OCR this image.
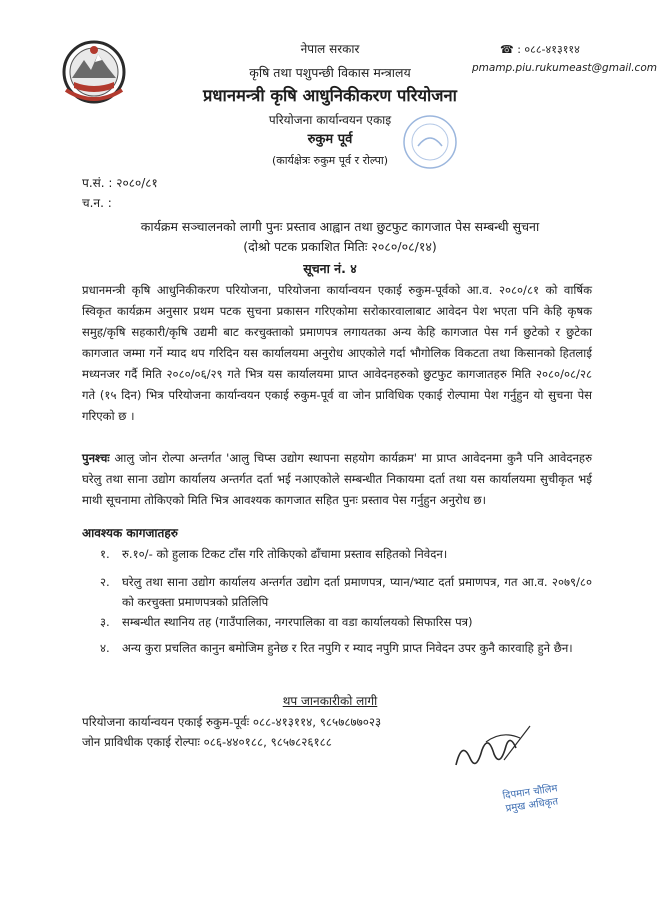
नेपाल सरकार
कृषि तथा पशुपन्छी विकास मन्त्रालय
प्रधानमन्त्री कृषि आधुनिकीकरण परियोजना
परियोजना कार्यान्वयन एकाइ
रुकुम पूर्व
(कार्यक्षेत्रः रुकुम पूर्व र रोल्पा)
☎ : ०८८-४१३११४
pmamp.piu.rukumeast@gmail.com
प.सं. : २०८०/८१
च.न. :
कार्यक्रम सञ्चालनको लागी पुनः प्रस्ताव आह्वान तथा छुटफुट कागजात पेस सम्बन्धी सुचना
(दोश्रो पटक प्रकाशित मितिः २०८०/०८/१४)
सूचना नं. ४
प्रधानमन्त्री कृषि आधुनिकीकरण परियोजना, परियोजना कार्यान्वयन एकाई रुकुम-पूर्वको आ.व. २०८०/८१ को वार्षिक स्विकृत कार्यक्रम अनुसार प्रथम पटक सुचना प्रकासन गरिएकोमा सरोकारवालाबाट आवेदन पेश भएता पनि केहि कृषक समुह/कृषि सहकारी/कृषि उद्यमी बाट करचुक्ताको प्रमाणपत्र लगायतका अन्य केहि कागजात पेस गर्न छुटेको र छुटेका कागजात जम्मा गर्ने म्याद थप गरिदिन यस कार्यालयमा अनुरोध आएकोले गर्दा भौगोलिक विकटता तथा किसानको हितलाई मध्यनजर गर्दै मिति २०८०/०६/२९ गते भित्र यस कार्यालयमा प्राप्त आवेदनहरुको छुटफुट कागजातहरु मिति २०८०/०८/२८ गते (१५ दिन) भित्र परियोजना कार्यान्वयन एकाई रुकुम-पूर्व वा जोन प्राविधिक एकाई रोल्पामा पेश गर्नुहुन यो सुचना पेस गरिएको छ ।
पुनश्चः आलु जोन रोल्पा अन्तर्गत 'आलु चिप्स उद्योग स्थापना सहयोग कार्यक्रम' मा प्राप्त आवेदनमा कुनै पनि आवेदनहरु घरेलु तथा साना उद्योग कार्यालय अन्तर्गत दर्ता भई नआएकोले सम्बन्धीत निकायमा दर्ता तथा यस कार्यालयमा सुचीकृत भई माथी सूचनामा तोकिएको मिति भित्र आवश्यक कागजात सहित पुनः प्रस्ताव पेस गर्नुहुन अनुरोध छ।
आवश्यक कागजातहरु
१. रु.१०/- को हुलाक टिकट टाँस गरि तोकिएको ढाँचामा प्रस्ताव सहितको निवेदन।
२. घरेलु तथा साना उद्योग कार्यालय अन्तर्गत उद्योग दर्ता प्रमाणपत्र, प्यान/भ्याट दर्ता प्रमाणपत्र, गत आ.व. २०७९/८० को करचुक्ता प्रमाणपत्रको प्रतिलिपि
३. सम्बन्धीत स्थानिय तह (गाउँपालिका, नगरपालिका वा वडा कार्यालयको सिफारिस पत्र)
४. अन्य कुरा प्रचलित कानुन बमोजिम हुनेछ र रित नपुगि र म्याद नपुगि प्राप्त निवेदन उपर कुनै कारवाहि हुने छैन।
थप जानकारीको लागी
परियोजना कार्यान्वयन एकाई रुकुम-पूर्वः ०८८-४१३११४, ९८५७८७७०२३
जोन प्राविधीक एकाई रोल्पाः ०८६-४४०१८८, ९८५७८२६१८८
दिपमान चौलिम
प्रमुख अधिकृत
